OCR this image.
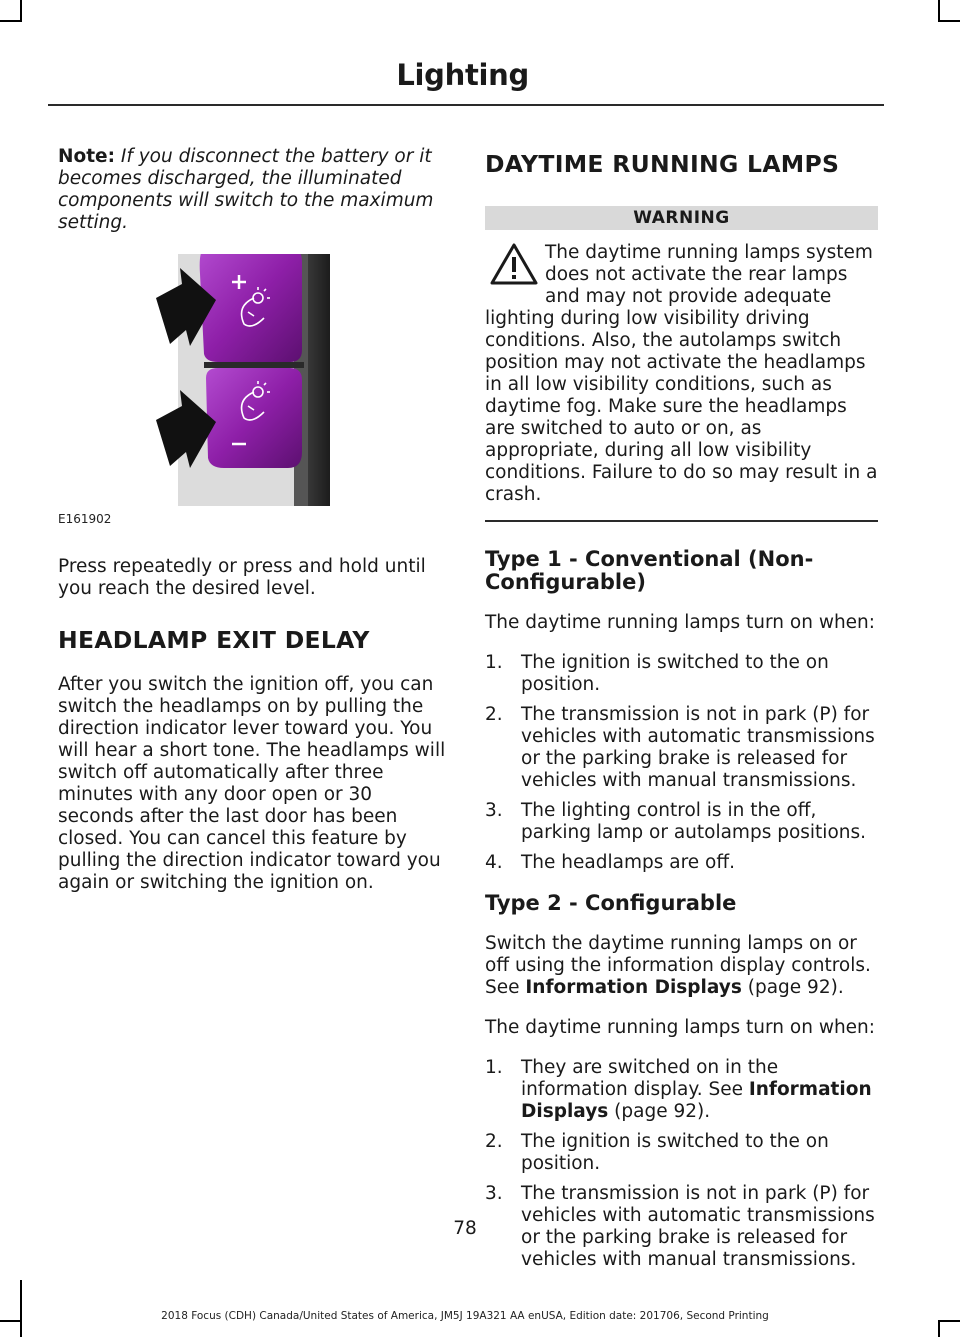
Lighting

Note: If you disconnect the battery or it becomes discharged, the illuminated components will switch to the maximum setting.

E161902

Press repeatedly or press and hold until you reach the desired level.

HEADLAMP EXIT DELAY

After you switch the ignition off, you can switch the headlamps on by pulling the direction indicator lever toward you. You will hear a short tone. The headlamps will switch off automatically after three minutes with any door open or 30 seconds after the last door has been closed. You can cancel this feature by pulling the direction indicator toward you again or switching the ignition on.

DAYTIME RUNNING LAMPS
WARNING
The daytime running lamps system does not activate the rear lamps and may not provide adequate lighting during low visibility driving conditions. Also, the autolamps switch position may not activate the headlamps in all low visibility conditions, such as daytime fog. Make sure the headlamps are switched to auto or on, as appropriate, during all low visibility conditions. Failure to do so may result in a crash.
Type 1 - Conventional (Non-Configurable)

The daytime running lamps turn on when:

1. The ignition is switched to the on position.
2. The transmission is not in park (P) for vehicles with automatic transmissions or the parking brake is released for vehicles with manual transmissions.
3. The lighting control is in the off, parking lamp or autolamps positions.
4. The headlamps are off.
Type 2 - Configurable

Switch the daytime running lamps on or off using the information display controls. See Information Displays (page 92).

The daytime running lamps turn on when:

1. They are switched on in the information display. See Information Displays (page 92).
2. The ignition is switched to the on position.
3. The transmission is not in park (P) for vehicles with automatic transmissions or the parking brake is released for vehicles with manual transmissions.
78
2018 Focus (CDH) Canada/United States of America, JM5J 19A321 AA enUSA, Edition date: 201706, Second Printing
